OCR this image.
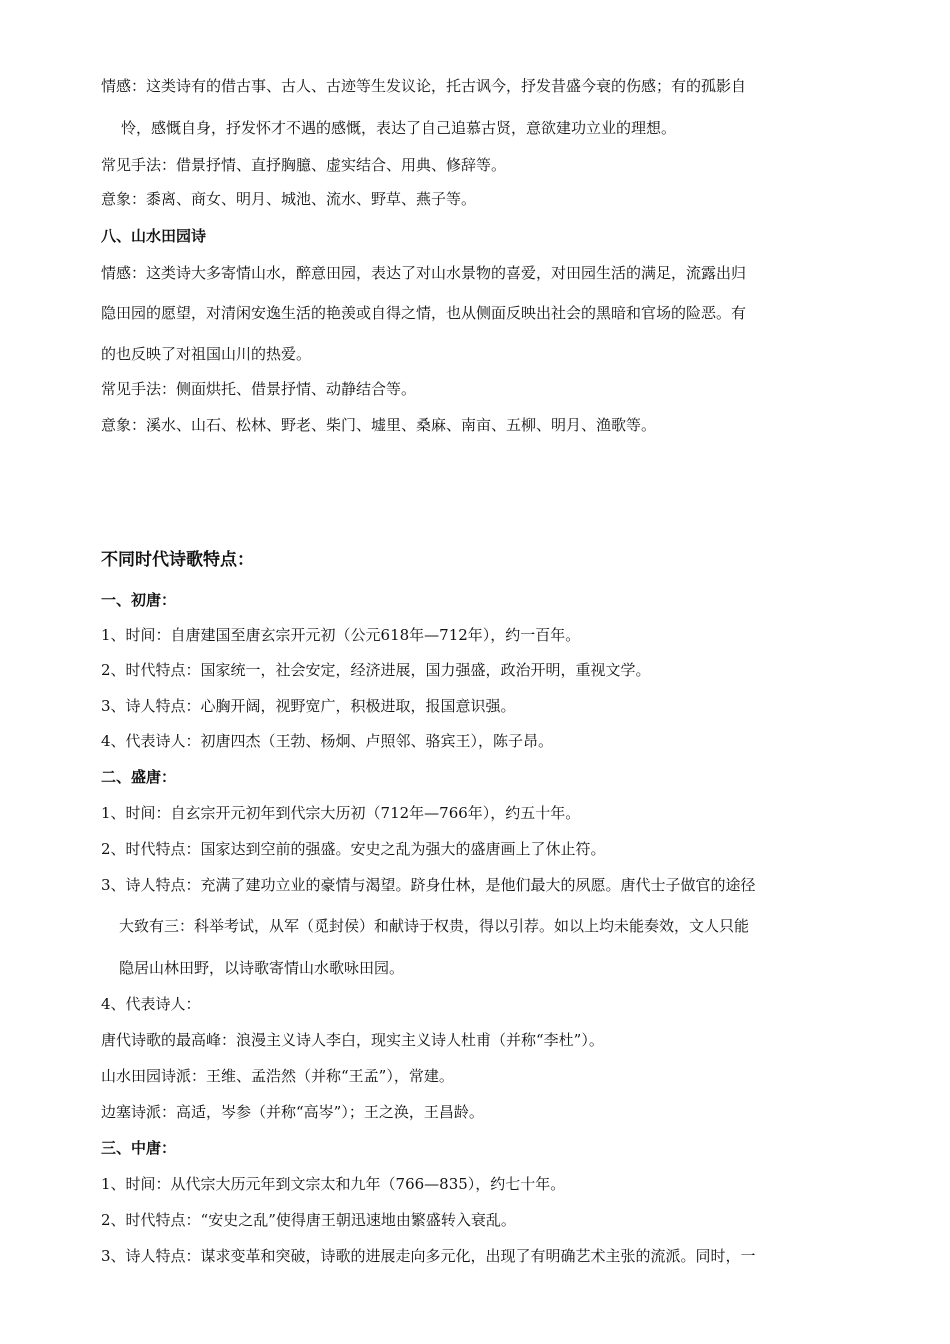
情感：这类诗有的借古事、古人、古迹等生发议论，托古讽今，抒发昔盛今衰的伤感；有的孤影自
怜，感慨自身，抒发怀才不遇的感慨，表达了自己追慕古贤，意欲建功立业的理想。
常见手法：借景抒情、直抒胸臆、虚实结合、用典、修辞等。
意象：黍离、商女、明月、城池、流水、野草、燕子等。
八、山水田园诗
情感：这类诗大多寄情山水，醉意田园，表达了对山水景物的喜爱，对田园生活的满足，流露出归
隐田园的愿望，对清闲安逸生活的艳羡或自得之情，也从侧面反映出社会的黑暗和官场的险恶。有
的也反映了对祖国山川的热爱。
常见手法：侧面烘托、借景抒情、动静结合等。
意象：溪水、山石、松林、野老、柴门、墟里、桑麻、南亩、五柳、明月、渔歌等。
不同时代诗歌特点：
一、初唐：
1、时间：自唐建国至唐玄宗开元初（公元618年—712年），约一百年。
2、时代特点：国家统一，社会安定，经济进展，国力强盛，政治开明，重视文学。
3、诗人特点：心胸开阔，视野宽广，积极进取，报国意识强。
4、代表诗人：初唐四杰（王勃、杨炯、卢照邻、骆宾王），陈子昂。
二、盛唐：
1、时间：自玄宗开元初年到代宗大历初（712年—766年），约五十年。
2、时代特点：国家达到空前的强盛。安史之乱为强大的盛唐画上了休止符。
3、诗人特点：充满了建功立业的豪情与渴望。跻身仕林，是他们最大的夙愿。唐代士子做官的途径
大致有三：科举考试，从军（觅封侯）和献诗于权贵，得以引荐。如以上均未能奏效，文人只能
隐居山林田野，以诗歌寄情山水歌咏田园。
4、代表诗人：
唐代诗歌的最高峰：浪漫主义诗人李白，现实主义诗人杜甫（并称“李杜”）。
山水田园诗派：王维、孟浩然（并称“王孟”），常建。
边塞诗派：高适，岑参（并称“高岑”）；王之涣，王昌龄。
三、中唐：
1、时间：从代宗大历元年到文宗太和九年（766—835），约七十年。
2、时代特点：“安史之乱”使得唐王朝迅速地由繁盛转入衰乱。
3、诗人特点：谋求变革和突破，诗歌的进展走向多元化，出现了有明确艺术主张的流派。同时，一
